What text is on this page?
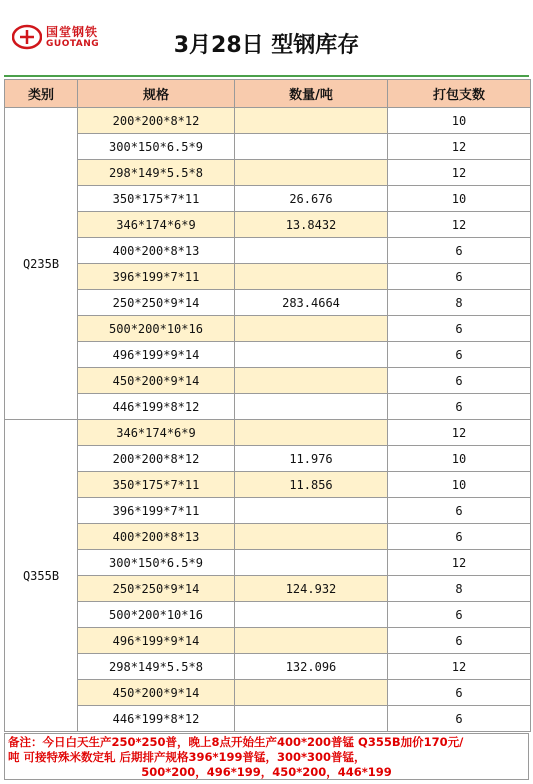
国堂钢铁
GUOTANG	3月28日 型钢库存
类别	规格	数量/吨	打包支数
Q235B	200*200*8*12		10
	300*150*6.5*9		12
	298*149*5.5*8		12
	350*175*7*11	26.676	10
	346*174*6*9	13.8432	12
	400*200*8*13		6
	396*199*7*11		6
	250*250*9*14	283.4664	8
	500*200*10*16		6
	496*199*9*14		6
	450*200*9*14		6
	446*199*8*12		6
Q355B	346*174*6*9		12
	200*200*8*12	11.976	10
	350*175*7*11	11.856	10
	396*199*7*11		6
	400*200*8*13		6
	300*150*6.5*9		12
	250*250*9*14	124.932	8
	500*200*10*16		6
	496*199*9*14		6
	298*149*5.5*8	132.096	12
	450*200*9*14		6
	446*199*8*12		6
备注：今日白天生产250*250普，晚上8点开始生产400*200普锰 Q355B加价170元/
吨 可接特殊米数定轧 后期排产规格396*199普锰，300*300普锰，
500*200，496*199，450*200，446*199
